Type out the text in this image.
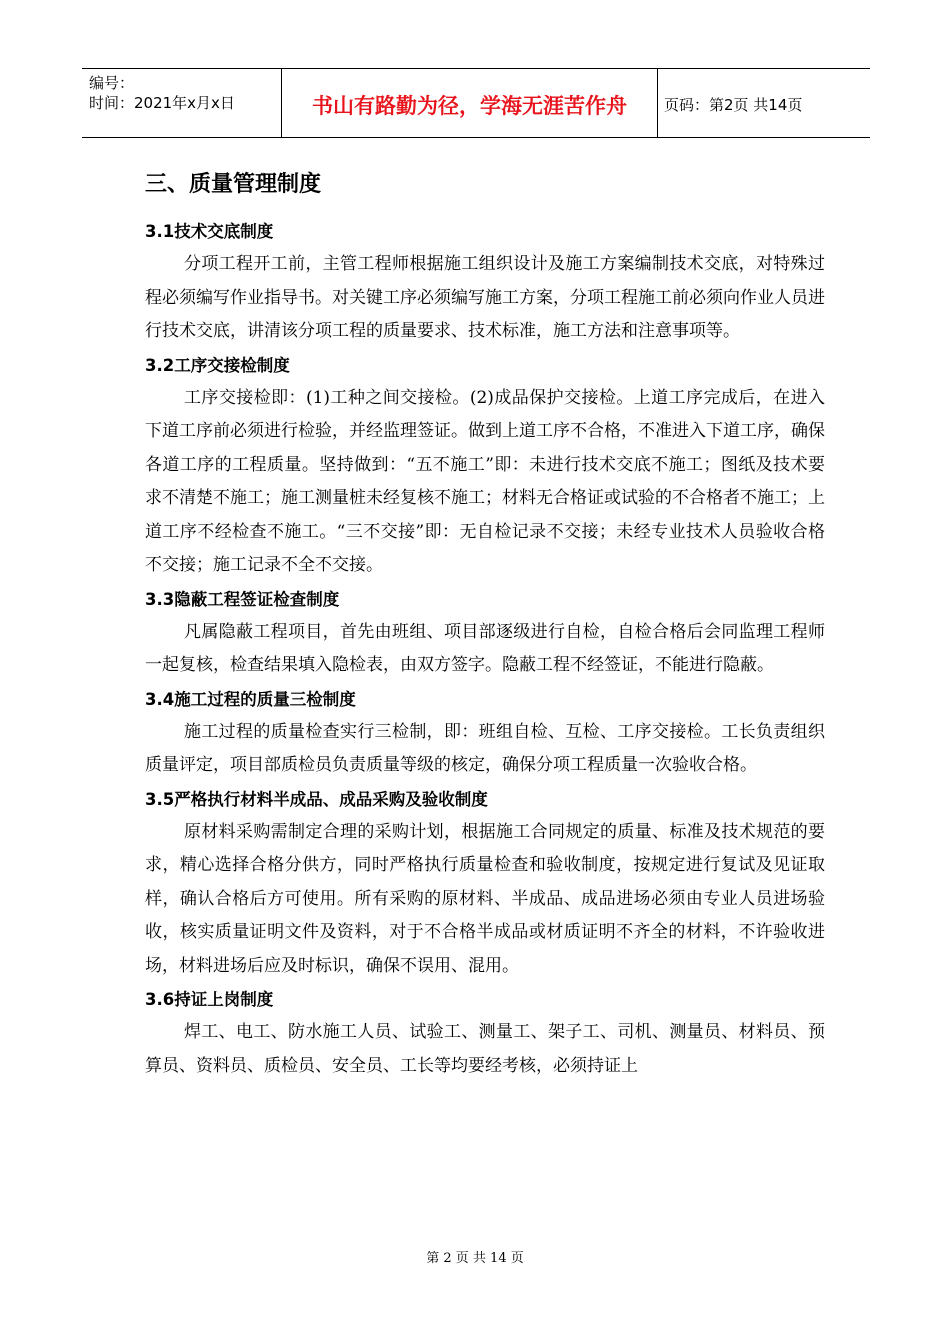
编号：
时间：2021年x月x日	书山有路勤为径，学海无涯苦作舟	页码：第2页 共14页
三、质量管理制度
3.1技术交底制度
分项工程开工前，主管工程师根据施工组织设计及施工方案编制技术交底，对特殊过程必须编写作业指导书。对关键工序必须编写施工方案，分项工程施工前必须向作业人员进行技术交底，讲清该分项工程的质量要求、技术标准，施工方法和注意事项等。
3.2工序交接检制度
工序交接检即：(1)工种之间交接检。(2)成品保护交接检。上道工序完成后，在进入下道工序前必须进行检验，并经监理签证。做到上道工序不合格，不准进入下道工序，确保各道工序的工程质量。坚持做到：“五不施工”即：未进行技术交底不施工；图纸及技术要求不清楚不施工；施工测量桩未经复核不施工；材料无合格证或试验的不合格者不施工；上道工序不经检查不施工。“三不交接”即：无自检记录不交接；未经专业技术人员验收合格不交接；施工记录不全不交接。
3.3隐蔽工程签证检查制度
凡属隐蔽工程项目，首先由班组、项目部逐级进行自检，自检合格后会同监理工程师一起复核，检查结果填入隐检表，由双方签字。隐蔽工程不经签证，不能进行隐蔽。
3.4施工过程的质量三检制度
施工过程的质量检查实行三检制，即：班组自检、互检、工序交接检。工长负责组织质量评定，项目部质检员负责质量等级的核定，确保分项工程质量一次验收合格。
3.5严格执行材料半成品、成品采购及验收制度
原材料采购需制定合理的采购计划，根据施工合同规定的质量、标准及技术规范的要求，精心选择合格分供方，同时严格执行质量检查和验收制度，按规定进行复试及见证取样，确认合格后方可使用。所有采购的原材料、半成品、成品进场必须由专业人员进场验收，核实质量证明文件及资料，对于不合格半成品或材质证明不齐全的材料，不许验收进场，材料进场后应及时标识，确保不误用、混用。
3.6持证上岗制度
焊工、电工、防水施工人员、试验工、测量工、架子工、司机、测量员、材料员、预算员、资料员、质检员、安全员、工长等均要经考核，必须持证上
第 2 页 共 14 页
